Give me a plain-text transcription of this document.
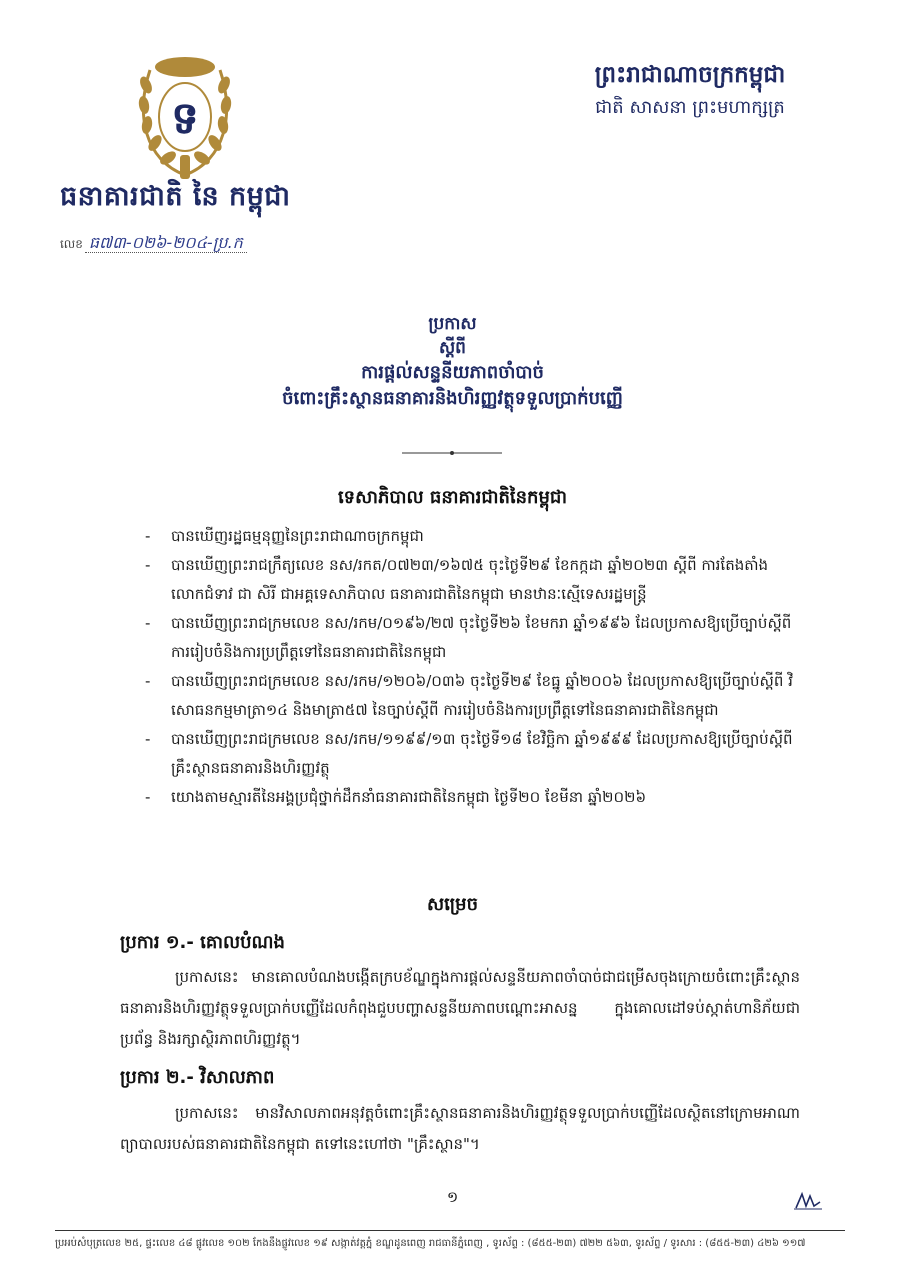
ទ
ធនាគារជាតិ នៃ កម្ពុជា
លេខ ធ៧៣-០២៦-២០៤-ប្រ.ក
ព្រះរាជាណាចក្រកម្ពុជា
ជាតិ សាសនា ព្រះមហាក្សត្រ
ប្រកាស
ស្តីពី
ការផ្តល់សន្ទនីយភាពចាំបាច់
ចំពោះគ្រឹះស្ថានធនាគារនិងហិរញ្ញវត្ថុទទួលប្រាក់បញ្ញើ
ទេសាភិបាល ធនាគារជាតិនៃកម្ពុជា
- បានឃើញរដ្ឋធម្មនុញ្ញនៃព្រះរាជាណាចក្រកម្ពុជា
- បានឃើញព្រះរាជក្រឹត្យលេខ នស/រកត/០៧២៣/១៦៧៥ ចុះថ្ងៃទី២៩ ខែកក្កដា ឆ្នាំ២០២៣ ស្តីពី ការតែងតាំង លោកជំទាវ ជា សិរី ជាអគ្គទេសាភិបាល ធនាគារជាតិនៃកម្ពុជា មានឋានៈស្មើទេសរដ្ឋមន្ត្រី
- បានឃើញព្រះរាជក្រមលេខ នស/រកម/០១៩៦/២៧ ចុះថ្ងៃទី២៦ ខែមករា ឆ្នាំ១៩៩៦ ដែលប្រកាសឱ្យប្រើច្បាប់ស្តីពី ការរៀបចំនិងការប្រព្រឹត្តទៅនៃធនាគារជាតិនៃកម្ពុជា
- បានឃើញព្រះរាជក្រមលេខ នស/រកម/១២០៦/០៣៦ ចុះថ្ងៃទី២៩ ខែធ្នូ ឆ្នាំ២០០៦ ដែលប្រកាសឱ្យប្រើច្បាប់ស្តីពី វិសោធនកម្មមាត្រា១៤ និងមាត្រា៥៧ នៃច្បាប់ស្តីពី ការរៀបចំនិងការប្រព្រឹត្តទៅនៃធនាគារជាតិនៃកម្ពុជា
- បានឃើញព្រះរាជក្រមលេខ នស/រកម/១១៩៩/១៣ ចុះថ្ងៃទី១៨ ខែវិច្ឆិកា ឆ្នាំ១៩៩៩ ដែលប្រកាសឱ្យប្រើច្បាប់ស្តីពី គ្រឹះស្ថានធនាគារនិងហិរញ្ញវត្ថុ
- យោងតាមស្មារតីនៃអង្គប្រជុំថ្នាក់ដឹកនាំធនាគារជាតិនៃកម្ពុជា ថ្ងៃទី២០ ខែមីនា ឆ្នាំ២០២៦
សម្រេច
ប្រការ ១.- គោលបំណង
ប្រកាសនេះ មានគោលបំណងបង្កើតក្របខ័ណ្ឌក្នុងការផ្តល់សន្ទនីយភាពចាំបាច់ជាជម្រើសចុងក្រោយចំពោះគ្រឹះស្ថានធនាគារនិងហិរញ្ញវត្ថុទទួលប្រាក់បញ្ញើដែលកំពុងជួបបញ្ហាសន្ទនីយភាពបណ្តោះអាសន្ន ក្នុងគោលដៅទប់ស្កាត់ហានិភ័យជាប្រព័ន្ធ និងរក្សាស្ថិរភាពហិរញ្ញវត្ថុ។
ប្រការ ២.- វិសាលភាព
ប្រកាសនេះ មានវិសាលភាពអនុវត្តចំពោះគ្រឹះស្ថានធនាគារនិងហិរញ្ញវត្ថុទទួលប្រាក់បញ្ញើដែលស្ថិតនៅក្រោមអាណាព្យាបាលរបស់ធនាគារជាតិនៃកម្ពុជា តទៅនេះហៅថា "គ្រឹះស្ថាន"។
១
ប្រអប់សំបុត្រលេខ ២៥, ផ្ទះលេខ ៤៨ ផ្លូវលេខ ១០២ កែងនឹងផ្លូវលេខ ១៩ សង្កាត់វត្តភ្នំ ខណ្ឌដូនពេញ រាជធានីភ្នំពេញ , ទូរស័ព្ទ : (៨៥៥-២៣) ៧២២ ៥៦៣, ទូរស័ព្ទ / ទូរសារ : (៨៥៥-២៣) ៤២៦ ១១៧
